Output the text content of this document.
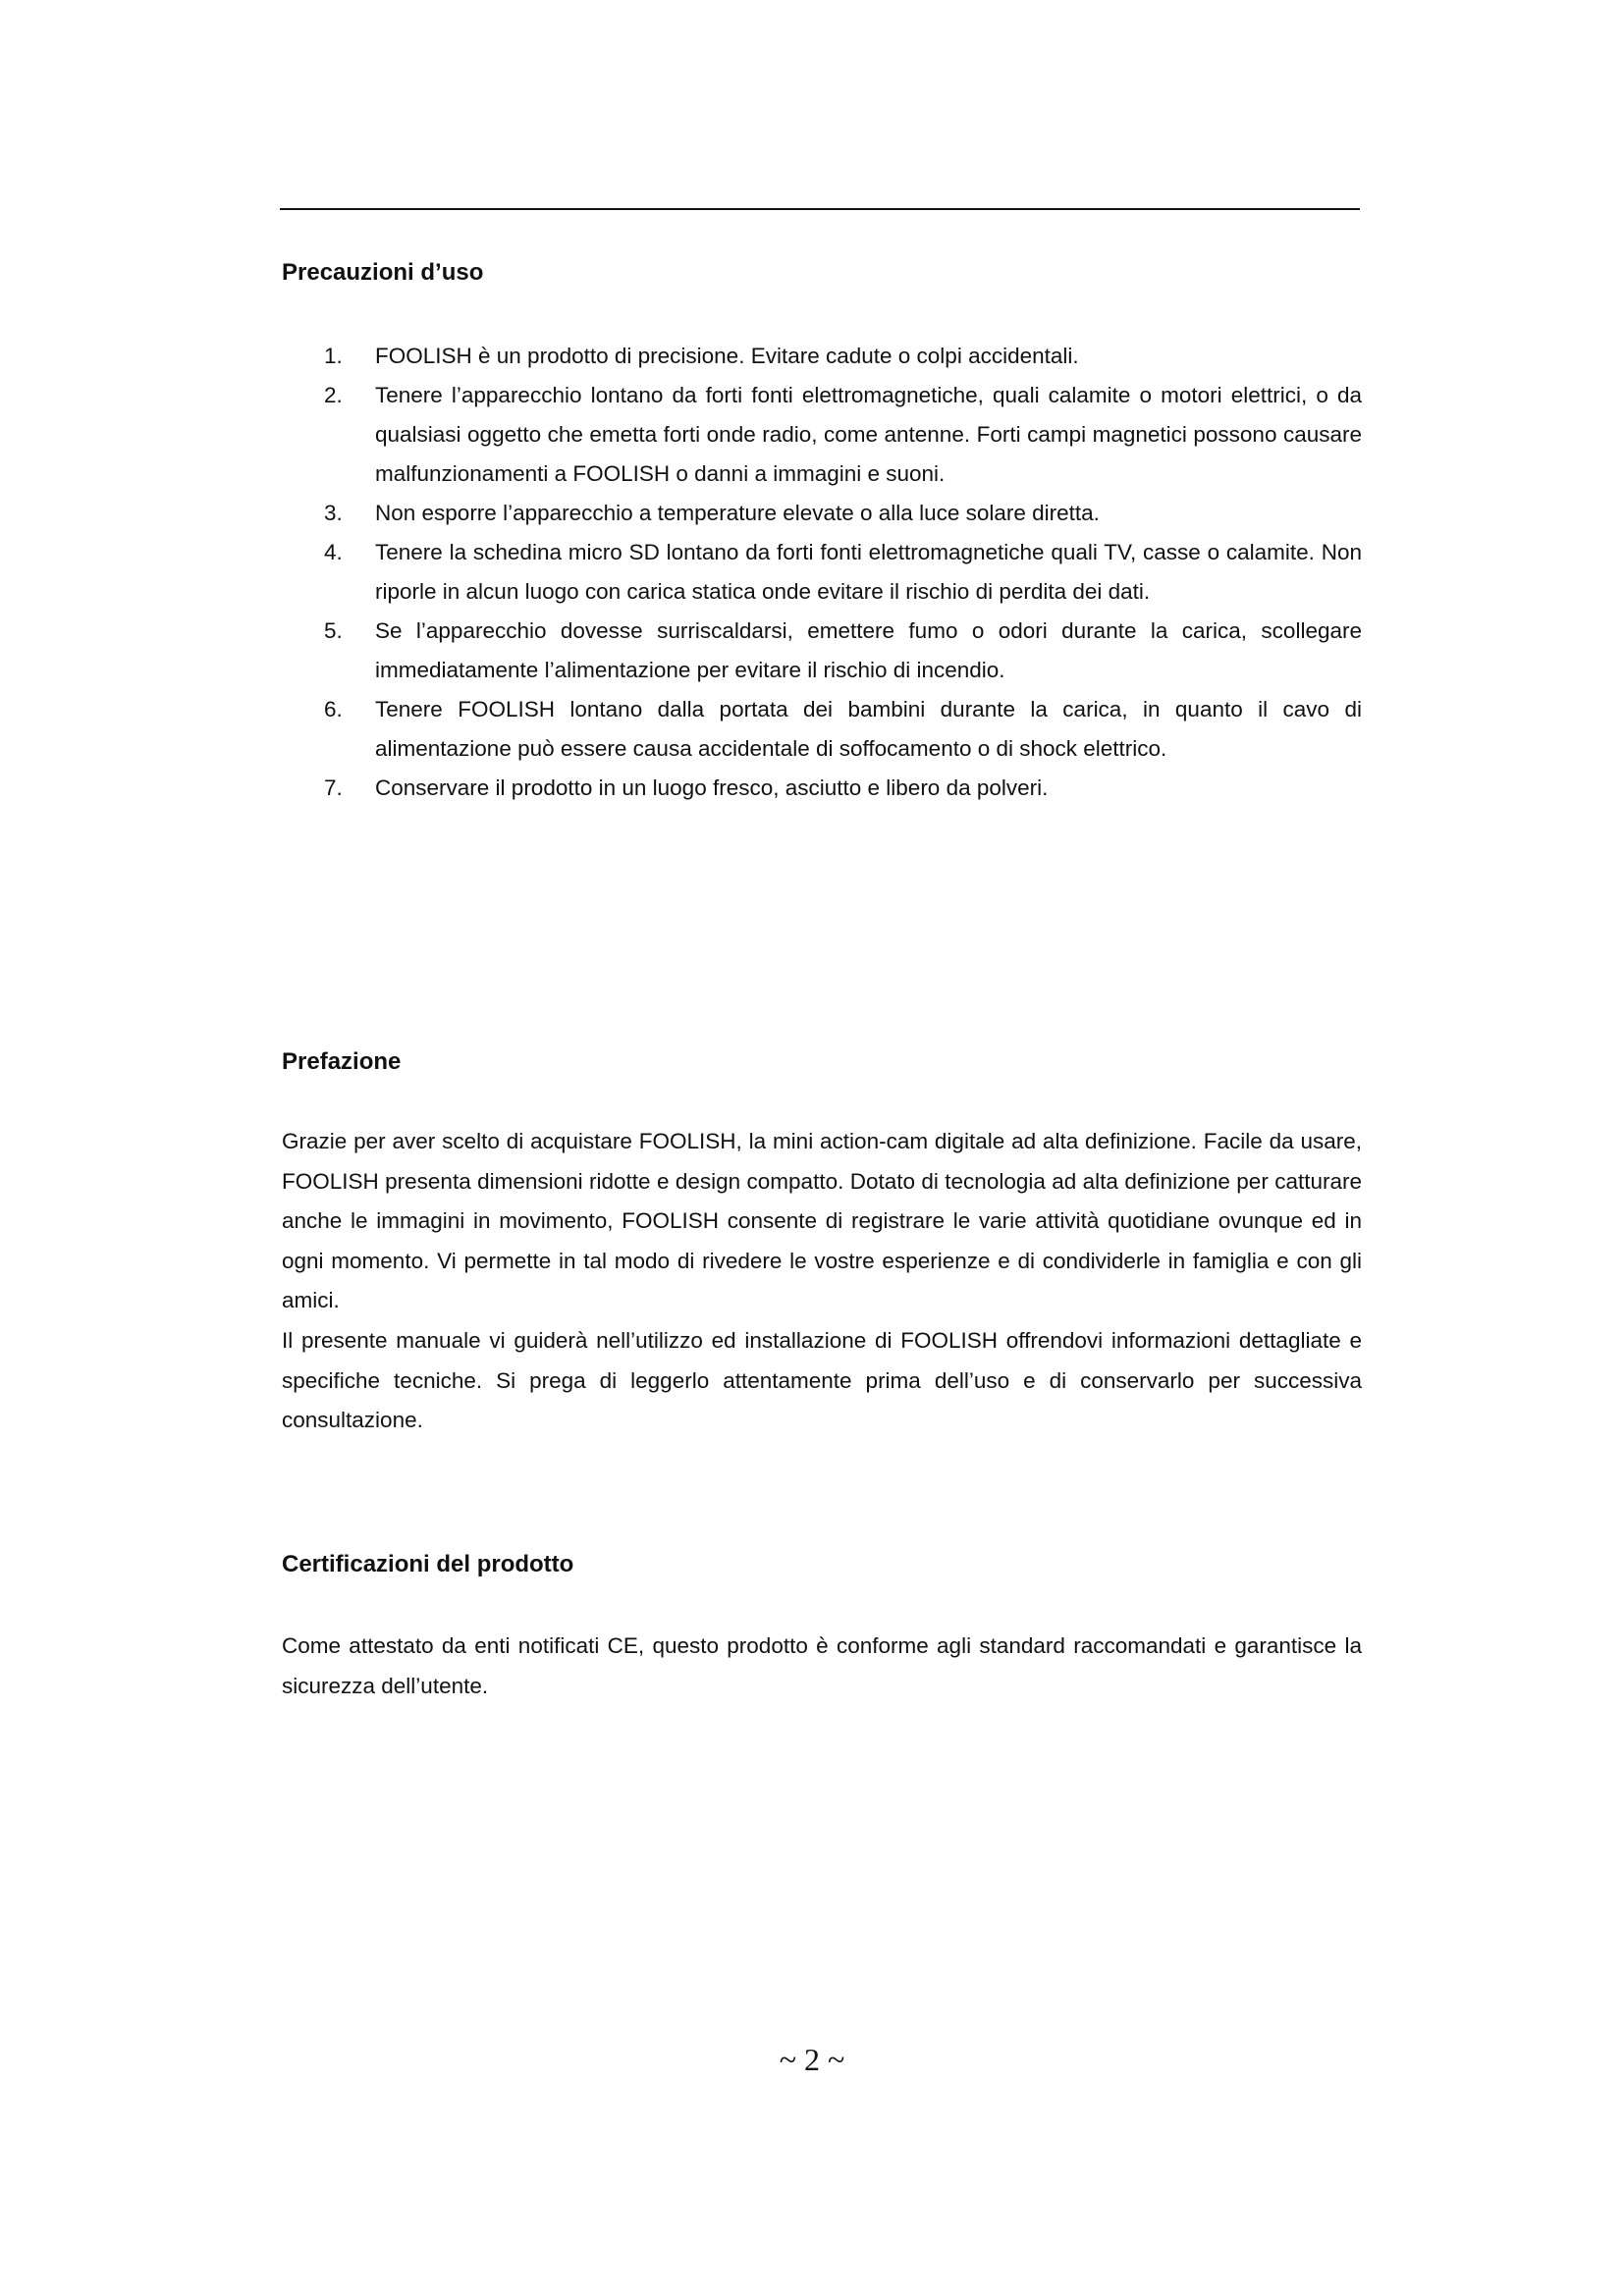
Precauzioni d’uso
1. FOOLISH è un prodotto di precisione. Evitare cadute o colpi accidentali.
2. Tenere l’apparecchio lontano da forti fonti elettromagnetiche, quali calamite o motori elettrici, o da qualsiasi oggetto che emetta forti onde radio, come antenne. Forti campi magnetici possono causare malfunzionamenti a FOOLISH o danni a immagini e suoni.
3. Non esporre l’apparecchio a temperature elevate o alla luce solare diretta.
4. Tenere la schedina micro SD lontano da forti fonti elettromagnetiche quali TV, casse o calamite. Non riporle in alcun luogo con carica statica onde evitare il rischio di perdita dei dati.
5. Se l’apparecchio dovesse surriscaldarsi, emettere fumo o odori durante la carica, scollegare immediatamente l’alimentazione per evitare il rischio di incendio.
6. Tenere FOOLISH lontano dalla portata dei bambini durante la carica, in quanto il cavo di alimentazione può essere causa accidentale di soffocamento o di shock elettrico.
7. Conservare il prodotto in un luogo fresco, asciutto e libero da polveri.
Prefazione

Grazie per aver scelto di acquistare FOOLISH, la mini action-cam digitale ad alta definizione. Facile da usare, FOOLISH presenta dimensioni ridotte e design compatto. Dotato di tecnologia ad alta definizione per catturare anche le immagini in movimento, FOOLISH consente di registrare le varie attività quotidiane ovunque ed in ogni momento. Vi permette in tal modo di rivedere le vostre esperienze e di condividerle in famiglia e con gli amici.

Il presente manuale vi guiderà nell’utilizzo ed installazione di FOOLISH offrendovi informazioni dettagliate e specifiche tecniche. Si prega di leggerlo attentamente prima dell’uso e di conservarlo per successiva consultazione.

Certificazioni del prodotto

Come attestato da enti notificati CE, questo prodotto è conforme agli standard raccomandati e garantisce la sicurezza dell’utente.

~ 2 ~
